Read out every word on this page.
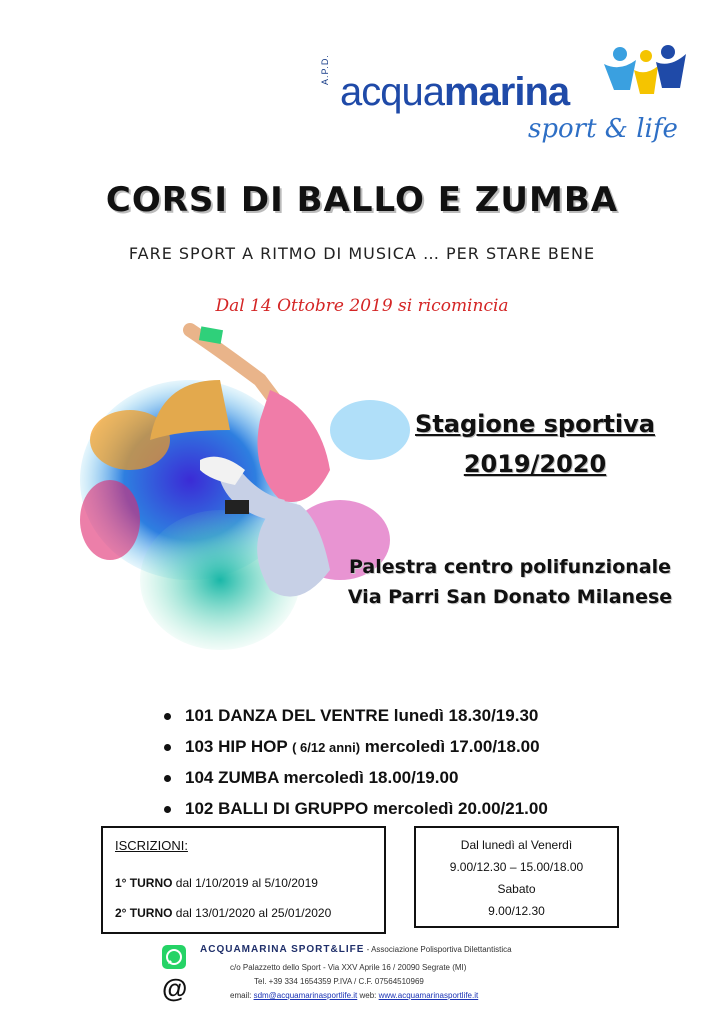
A.P.D.
acquamarina
sport & life
CORSI DI BALLO E ZUMBA
FARE SPORT A RITMO DI MUSICA … PER STARE BENE
Dal 14 Ottobre 2019 si ricomincia
Stagione sportiva
2019/2020
Palestra centro polifunzionale
Via Parri San Donato Milanese
101 DANZA DEL VENTRE lunedì 18.30/19.30
103 HIP HOP ( 6/12 anni) mercoledì 17.00/18.00
104 ZUMBA mercoledì 18.00/19.00
102 BALLI DI GRUPPO mercoledì 20.00/21.00
ISCRIZIONI:
1° TURNO dal 1/10/2019 al 5/10/2019
2° TURNO dal 13/01/2020 al 25/01/2020
Dal lunedì al Venerdì
9.00/12.30 – 15.00/18.00
Sabato
9.00/12.30
@
ACQUAMARINA SPORT&LIFE - Associazione Polisportiva Dilettantistica
c/o Palazzetto dello Sport - Via XXV Aprile 16 / 20090 Segrate (MI)
Tel. +39 334 1654359 P.IVA / C.F. 07564510969
email: sdm@acquamarinasportlife.it web: www.acquamarinasportlife.it
